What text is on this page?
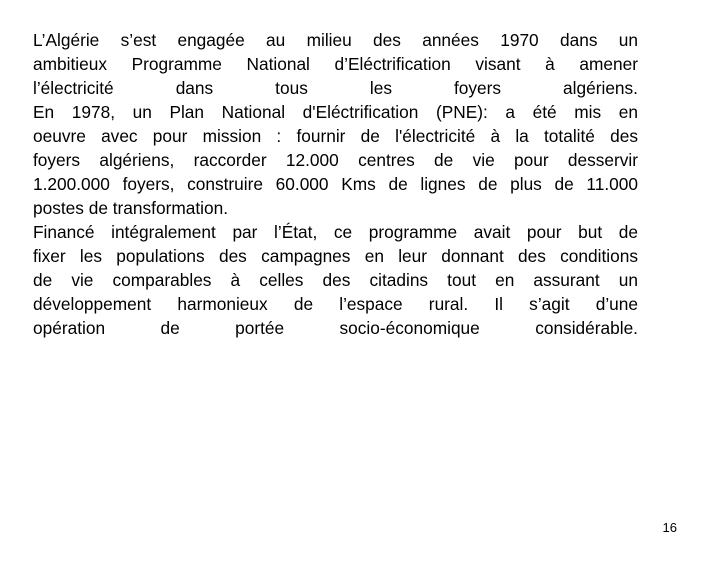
L’Algérie s’est engagée au milieu des années 1970 dans un
ambitieux Programme National d’Eléctrification visant à amener
l’électricité dans tous les foyers algériens.
En 1978, un Plan National d'Eléctrification (PNE): a été mis en
oeuvre avec pour mission : fournir de l'électricité à la totalité des
foyers algériens, raccorder 12.000 centres de vie pour desservir
1.200.000 foyers, construire 60.000 Kms de lignes de plus de 11.000
postes de transformation.
Financé intégralement par l’État, ce programme avait pour but de
fixer les populations des campagnes en leur donnant des conditions
de vie comparables à celles des citadins tout en assurant un
développement harmonieux de l’espace rural. Il s’agit d’une
opération de portée socio-économique considérable.
16
